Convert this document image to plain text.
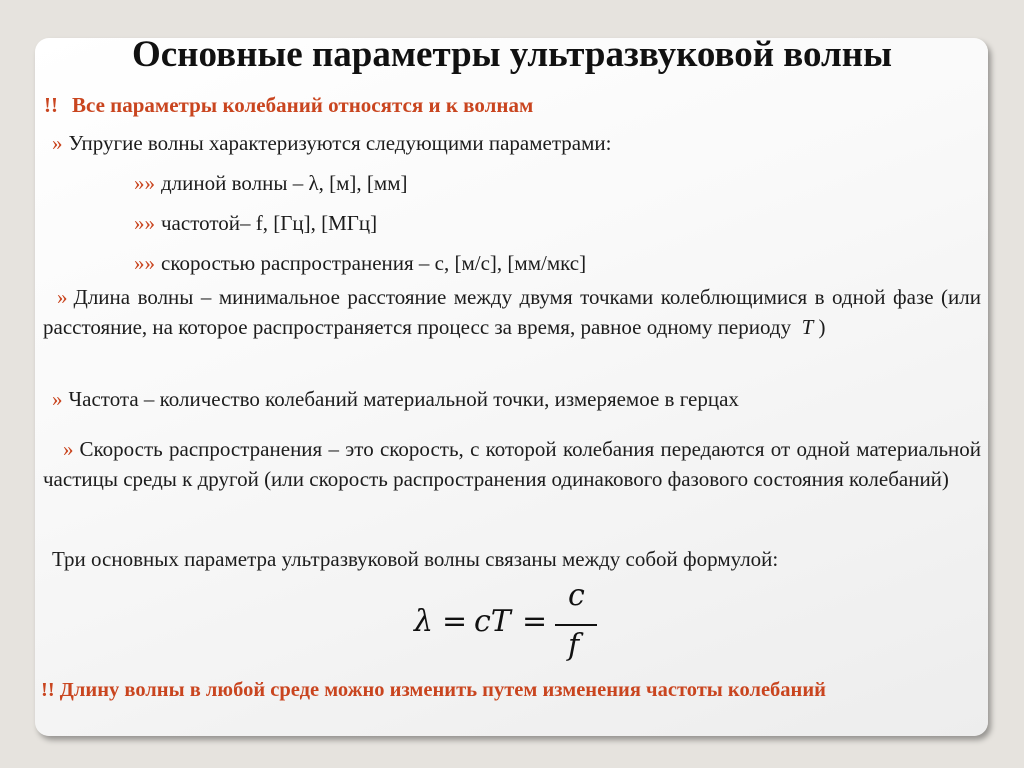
Основные параметры ультразвуковой волны

!! Все параметры колебаний относятся и к волнам

» Упругие волны характеризуются следующими параметрами:

»» длиной волны – λ, [м], [мм]

»» частотой– f, [Гц], [МГц]

»» скоростью распространения – с, [м/с], [мм/мкс]

» Длина волны – минимальное расстояние между двумя точками колеблющимися в одной фазе (или расстояние, на которое распространяется процесс за время, равное одному периоду T )

» Частота – количество колебаний материальной точки, измеряемое в герцах

» Скорость распространения – это скорость, с которой колебания передаются от одной материальной частицы среды к другой (или скорость распространения одинакового фазового состояния колебаний)

Три основных параметра ультразвуковой волны связаны между собой формулой:

λ = cT =
c
f

!! Длину волны в любой среде можно изменить путем изменения частоты колебаний
